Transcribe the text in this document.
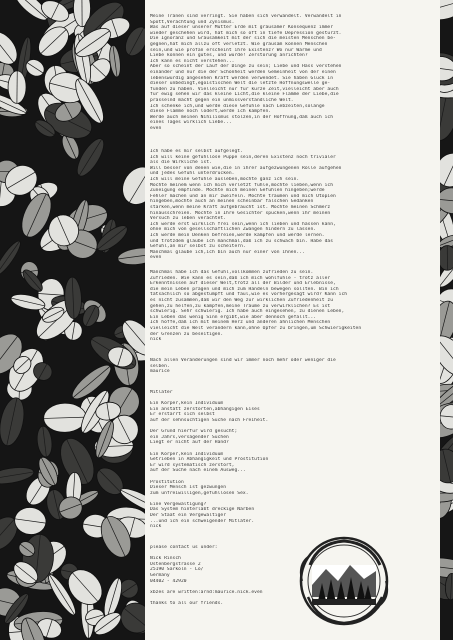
Meine Tränen sind verringt. Sie haben sich verwandelt. Verwandelt in
Spott,Verachtung und Zynismus.
Was auf dieser unserer Mutter Erde mit grausamer Konsequenz immer
wieder geschehen wird, hat mich so oft in tiefe Depression gestürzt.
Die Ignoranz und Grausamkeit mit der sich die meisten Menschen be-
gegnen,hat mich allzu oft verletzt. Wie grausam können Menschen
sein,und wie profan erscheint ihre Existenz? Wo nur Wärme und
Liebe können ein gutes, und würde! Zerstörung anrichten?
Ich kann es nicht verstehen...
Aber so scheint der Lauf der Dinge zu sein; Liebe und Hass verstehen
einander und nur die der Schönheit werden Gemeinheit von der einen
lebenswürdig angesehen Kraft werden verwendet. Sie haben Glück in
dieser unbedingt,egoistischen Welt die letzte Hoffnungswelle ge-
funden zu haben. Vielleicht nur für kurze Zeit,vielleicht aber auch
für ewig sehen wir das kleine Licht,die kleine Flamme der Liebe,die
prasselnd macht gegen ein unmissverständliche Welt.
Ich schenke ich,und werde diese Gefühle nach Lebzeiten,solange
diese Flamme noch lodert,werde ich kämpfen.
Werde auch meinen Nihilismus stolzen,in der Hoffnung,daß auch ich
eines Tages wirklich Liebe...
even
Ich habe es mir selbst aufgelegt.
Ich will keine gefühllose Puppe sein,deren Existenz noch trivialer
als die Wirkliche ist.
Will besser von denen wie,die in ihrer aufgezwungenen Rolle aufgehen
und jedes Gefühl unterdrücken.
Ich will meine Gefühle ausleben,möchte ganz ich sein.
Möchte meinem wenn ich mich verletzt fühle,möchte lieben,wenn ich
Zuneigung empfinde. Möchte mich meinen Gefühlen hingeben;werde
Fehler machen und an mir zweifeln. Möchte träumen und mich Utopien
hingeben,möchte auch an meinen scheinbar falschen Gedanken
stärken,wenn meine Kraft aufgebraucht ist. Möchte meinen Schmerz
hinausschreien. Möchte in Ihre Gesichter spucken,wenn ihr meinen
Versuch zu leben verachtet.
Ich werde erst wirklich frei sein,wenn ich lieben und hassen kann,
ohne mich von gesellschaftlichen Zwängen hindern zu lassen.
Ich werde mein Denken befreien,werde kämpfen und werde lernen.
und trotzdem glaube ich manchmal,daß ich zu schwach bin. Habe das
Gefühl,an mir selbst zu scheitern.
Manchmal glaube ich,ich bin auch nur einer von ihnen...
even
Manchmal habe ich das Gefühl,vollkommen zufrieden zu sein.
Zufrieden. Wie kann es sein,daß ich mich wohlfühle - trotz aller
Erkenntnissen auf dieser Welt,trotz all der Bilder und Erlebnisse,
die mein Leben prägen und mich zum Handeln bewegen sollten. Bin ich
tatsächlich so abgestumpft und faul,wie es vorhergesagt wird? Kann ich
es nicht zusammen,daß wir den Weg zur wirklichen Zufriedenheit zu
gehen,zu helfen,zu kämpfen,meine Träume zu verwirklichen? Es ist
schwierig. Sehr schwierig. Ich habe auch eingesehen, zu dienen Leben,
Ein Leben das wenig Sinn ergibt,wie aber dennoch gefällt...
Ich hoffe,daß ich mit meinem Herz und anderen ähnlichen Menschen
vielleicht die Welt verändern kann,ohne Opfer zu bringen,um Schwierigkeiten
der Grenzen zu beseitigen.
nick
Nach allen Veränderungen sind wir immer noch mehr oder weniger die
selben.
maurice
Mitläter

Ein Körper,kein Individuum
Ein anstatt zerstörten,abhängigen Eises
Er erstarrt sich selbst
auf der sehnsüchtigen Suche nach Freiheit.

Der Grund hierfür wird gesucht;
ein Jahrs,versagender Suchen
Liegt er nicht auf der Hand?

Ein Körper,kein Individuum
Getrieben in Abhängigkeit und Prostitution
Er wird systematisch zerstört,
auf der Suche nach einem Ausweg...

Prostitution
Dieser Mensch ist gezwungen
zum unfreiwilligen,gefühllosen Sex.

Eine Vergewaltigung?
Das System hinterläßt dreckige Narben
Der Staat ein Vergewaltiger
...und ich ein schweigender Mitläter.
nick
please contact us under:

Nick Rinsch
Ostenbergstrasse 2
25190 Sarkoln - Lo/
Germany
04402 - 42920

xbzes are written:arnd:maurice.nick.even

thanks to all our friends.
